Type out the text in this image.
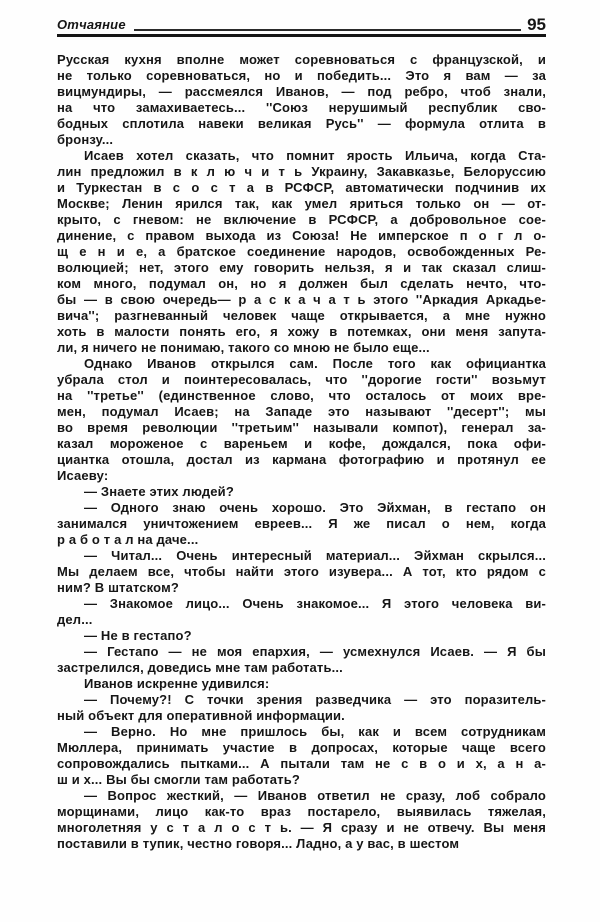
Отчаяние	95
Русская кухня вполне может соревноваться с французской, и
не только соревноваться, но и победить... Это я вам — за
вицмундиры, — рассмеялся Иванов, — под ребро, чтоб знали,
на что замахиваетесь... ''Союз нерушимый республик сво-
бодных сплотила навеки великая Русь'' — формула отлита в
бронзу...
Исаев хотел сказать, что помнит ярость Ильича, когда Ста-
лин предложил в к л ю ч и т ь Украину, Закавказье, Белоруссию
и Туркестан в с о с т а в РСФСР, автоматически подчинив их
Москве; Ленин ярился так, как умел яриться только он — от-
крыто, с гневом: не включение в РСФСР, а добровольное сое-
динение, с правом выхода из Союза! Не имперское п о г л о-
щ е н и е, а братское соединение народов, освобожденных Ре-
волюцией; нет, этого ему говорить нельзя, я и так сказал слиш-
ком много, подумал он, но я должен был сделать нечто, что-
бы — в свою очередь— р а с к а ч а т ь этого ''Аркадия Аркадье-
вича''; разгневанный человек чаще открывается, а мне нужно
хоть в малости понять его, я хожу в потемках, они меня запута-
ли, я ничего не понимаю, такого со мною не было еще...
Однако Иванов открылся сам. После того как официантка
убрала стол и поинтересовалась, что ''дорогие гости'' возьмут
на ''третье'' (единственное слово, что осталось от моих вре-
мен, подумал Исаев; на Западе это называют ''десерт''; мы
во время революции ''третьим'' называли компот), генерал за-
казал мороженое с вареньем и кофе, дождался, пока офи-
циантка отошла, достал из кармана фотографию и протянул ее
Исаеву:
— Знаете этих людей?
— Одного знаю очень хорошо. Это Эйхман, в гестапо он
занимался уничтожением евреев... Я же писал о нем, когда
р а б о т а л на даче...
— Читал... Очень интересный материал... Эйхман скрылся...
Мы делаем все, чтобы найти этого изувера... А тот, кто рядом с
ним? В штатском?
— Знакомое лицо... Очень знакомое... Я этого человека ви-
дел...
— Не в гестапо?
— Гестапо — не моя епархия, — усмехнулся Исаев. — Я бы
застрелился, доведись мне там работать...
Иванов искренне удивился:
— Почему?! С точки зрения разведчика — это поразитель-
ный объект для оперативной информации.
— Верно. Но мне пришлось бы, как и всем сотрудникам
Мюллера, принимать участие в допросах, которые чаще всего
сопровождались пытками... А пытали там не с в о и х, а н а-
ш и х... Вы бы смогли там работать?
— Вопрос жесткий, — Иванов ответил не сразу, лоб собрало
морщинами, лицо как-то враз постарело, выявилась тяжелая,
многолетняя у с т а л о с т ь. — Я сразу и не отвечу. Вы меня
поставили в тупик, честно говоря... Ладно, а у вас, в шестом
